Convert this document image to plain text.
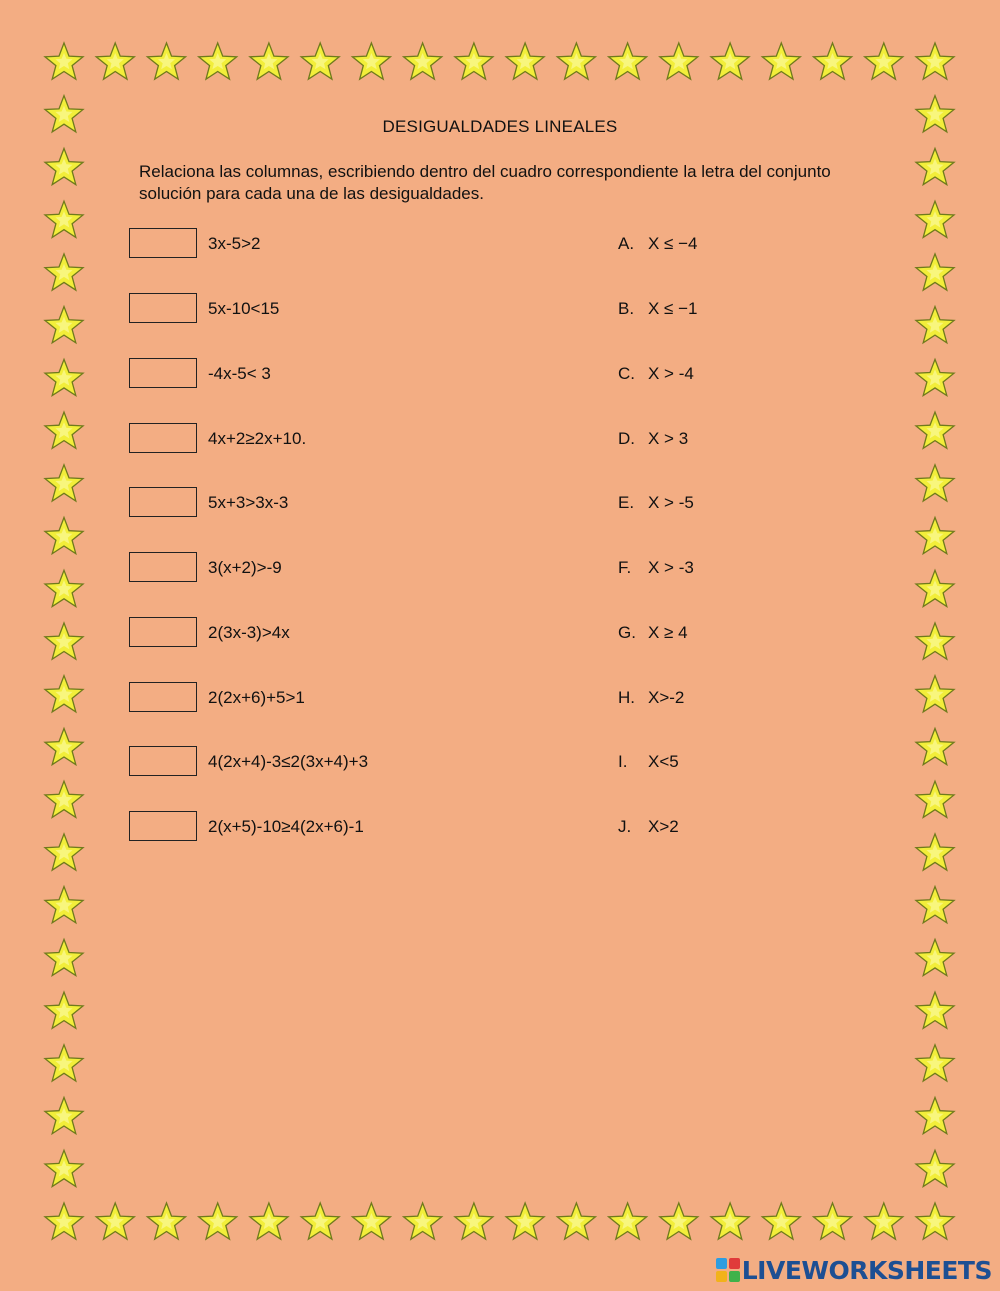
DESIGUALDADES LINEALES
Relaciona las columnas, escribiendo dentro del cuadro correspondiente la letra del conjunto solución para cada una de las desigualdades.
3x-5>2	A. X ≤ −4
5x-10<15	B. X ≤ −1
-4x-5< 3	C. X > -4
4x+2≥2x+10.	D. X > 3
5x+3>3x-3	E. X > -5
3(x+2)>-9	F. X > -3
2(3x-3)>4x	G. X ≥ 4
2(2x+6)+5>1	H. X>-2
4(2x+4)-3≤2(3x+4)+3	I. X<5
2(x+5)-10≥4(2x+6)-1	J. X>2
LIVEWORKSHEETS
